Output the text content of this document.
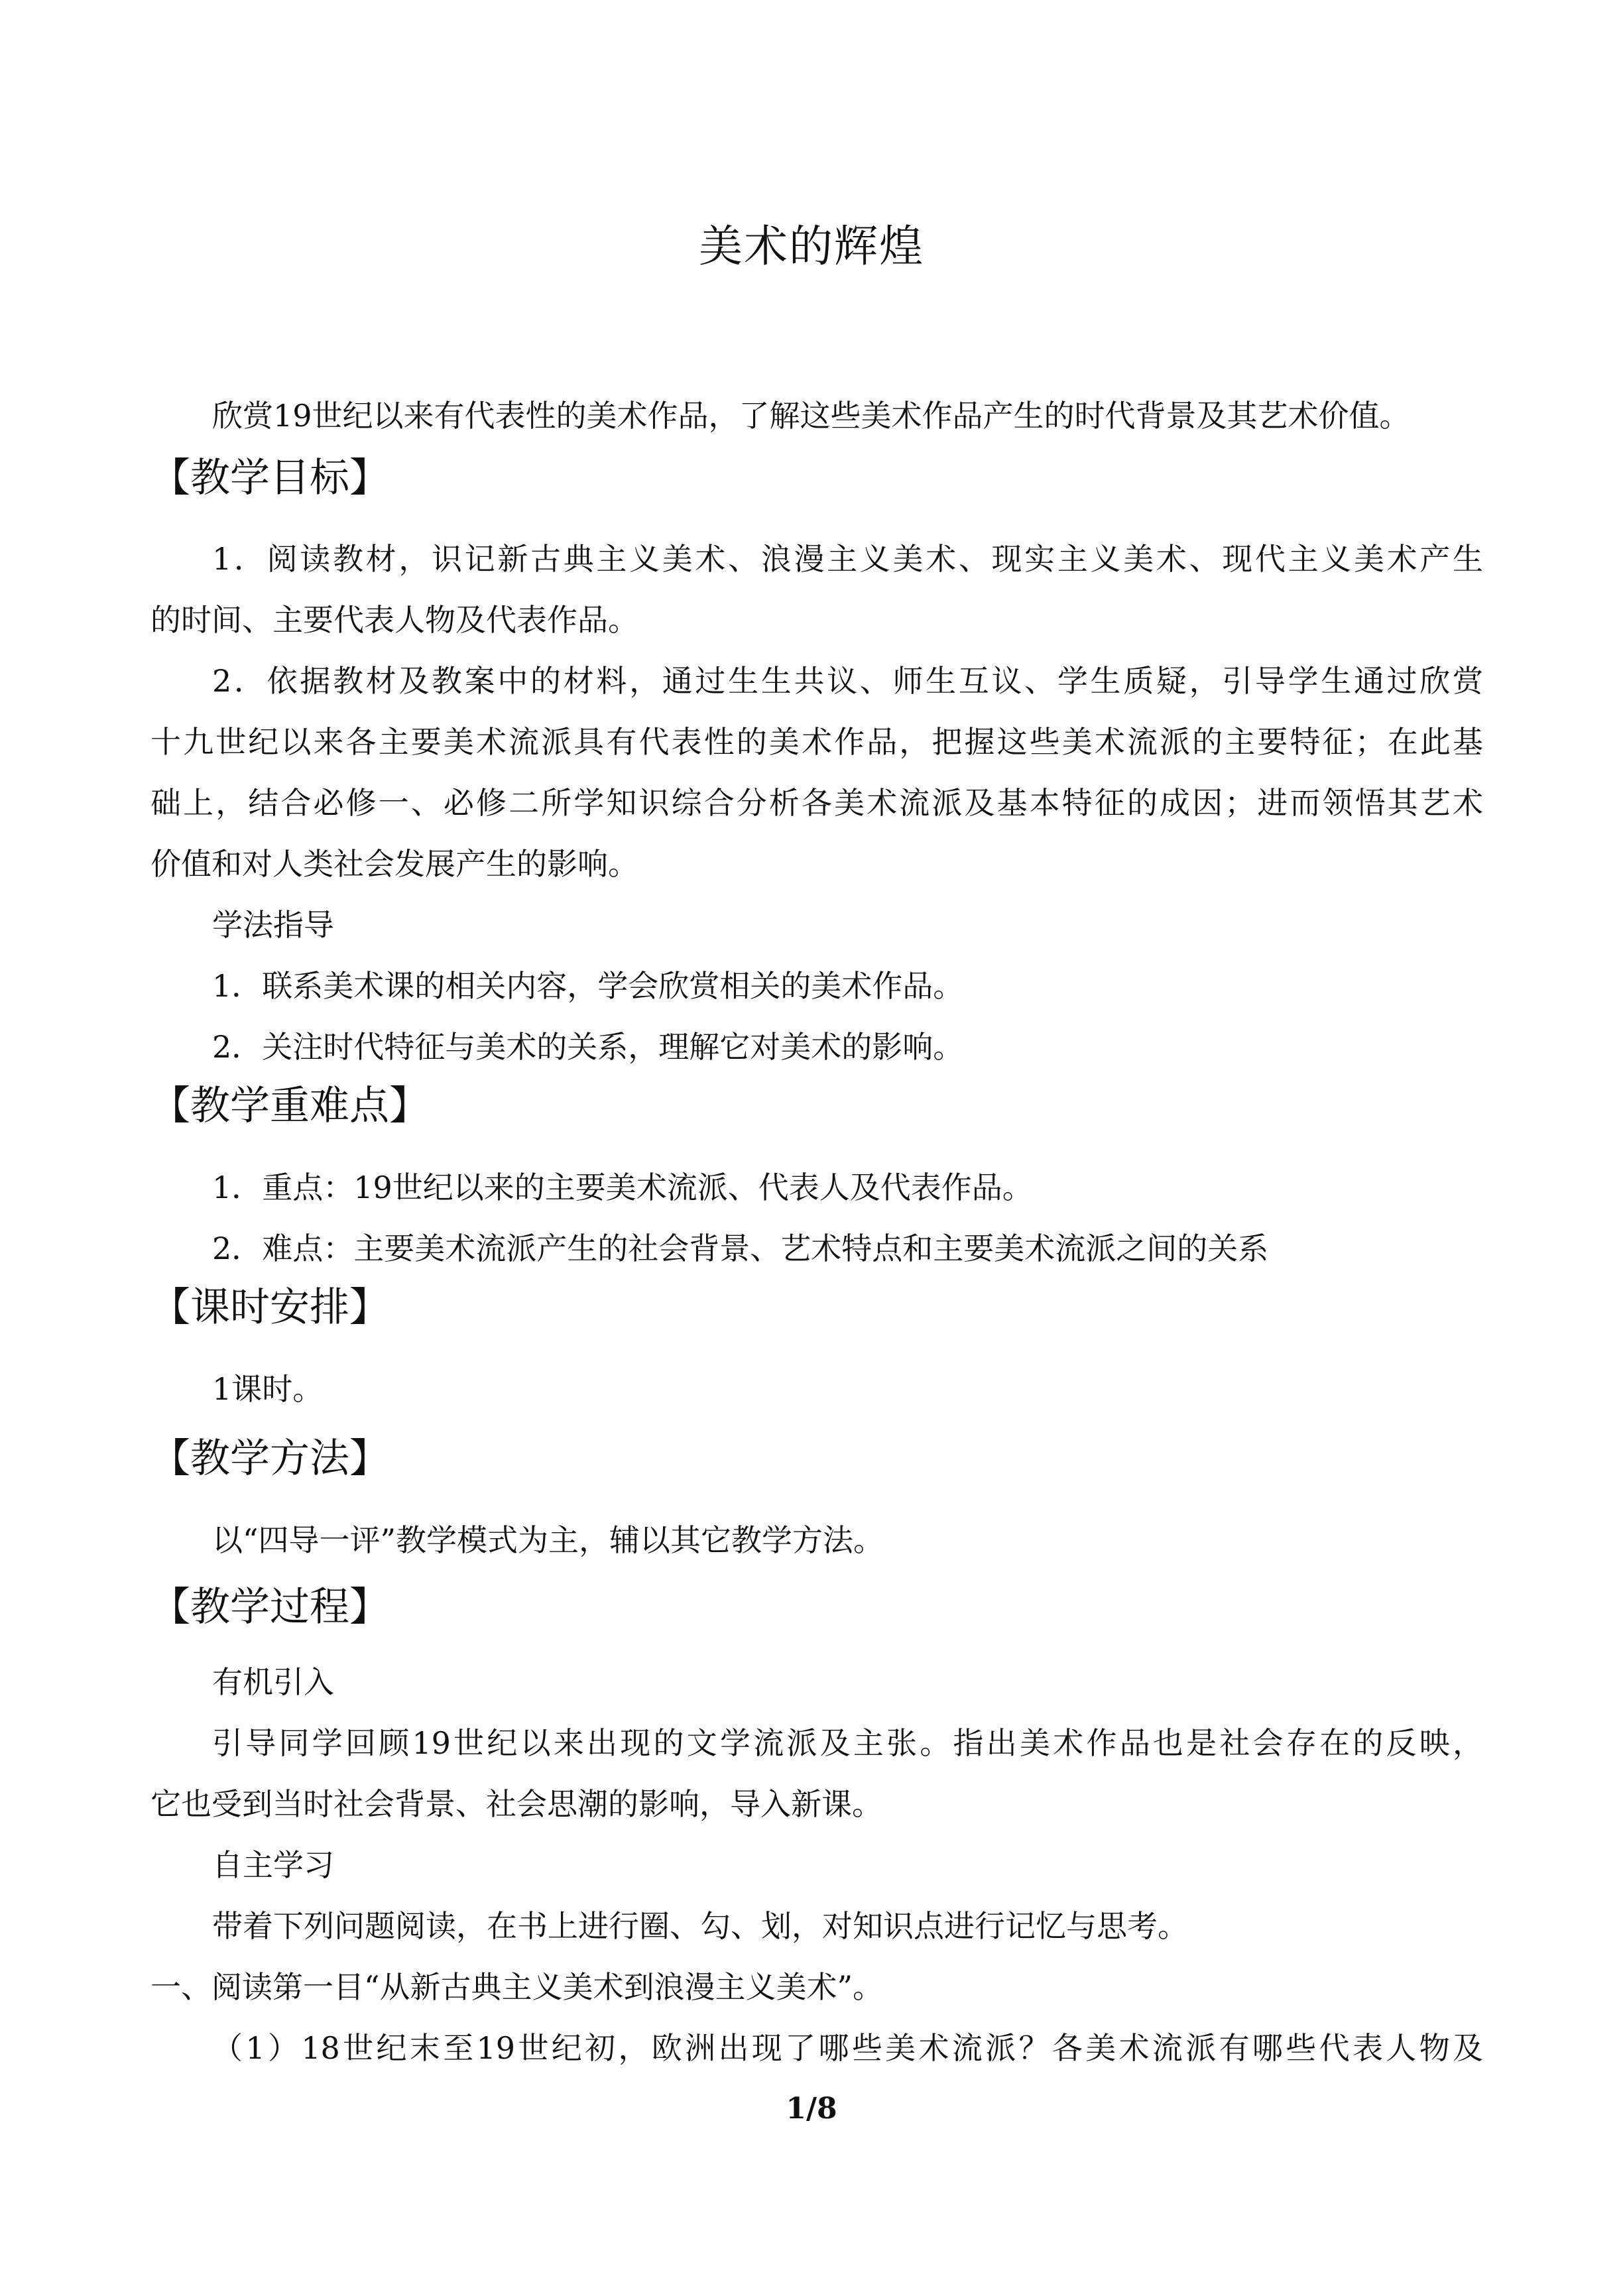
美术的辉煌
欣赏19世纪以来有代表性的美术作品，了解这些美术作品产生的时代背景及其艺术价值。
【教学目标】
1．阅读教材，识记新古典主义美术、浪漫主义美术、现实主义美术、现代主义美术产生
的时间、主要代表人物及代表作品。
2．依据教材及教案中的材料，通过生生共议、师生互议、学生质疑，引导学生通过欣赏
十九世纪以来各主要美术流派具有代表性的美术作品，把握这些美术流派的主要特征；在此基
础上，结合必修一、必修二所学知识综合分析各美术流派及基本特征的成因；进而领悟其艺术
价值和对人类社会发展产生的影响。
学法指导
1．联系美术课的相关内容，学会欣赏相关的美术作品。
2．关注时代特征与美术的关系，理解它对美术的影响。
【教学重难点】
1．重点：19世纪以来的主要美术流派、代表人及代表作品。
2．难点：主要美术流派产生的社会背景、艺术特点和主要美术流派之间的关系
【课时安排】
1课时。
【教学方法】
以“四导一评”教学模式为主，辅以其它教学方法。
【教学过程】
有机引入
引导同学回顾19世纪以来出现的文学流派及主张。指出美术作品也是社会存在的反映，
它也受到当时社会背景、社会思潮的影响，导入新课。
自主学习
带着下列问题阅读，在书上进行圈、勾、划，对知识点进行记忆与思考。
一、阅读第一目“从新古典主义美术到浪漫主义美术”。
（1）18世纪末至19世纪初，欧洲出现了哪些美术流派？各美术流派有哪些代表人物及
1/8
